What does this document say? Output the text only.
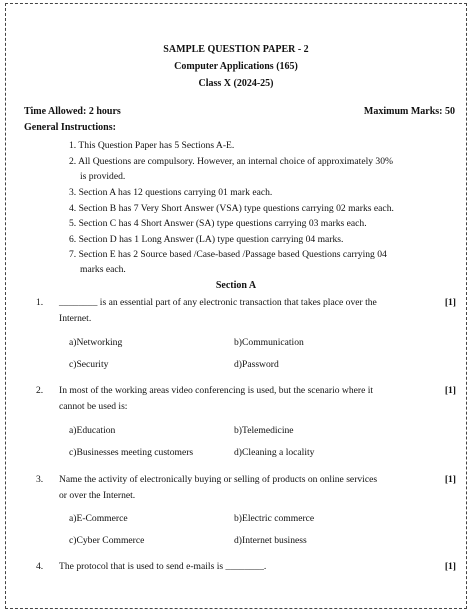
SAMPLE QUESTION PAPER - 2
Computer Applications (165)
Class X (2024-25)
Time Allowed: 2 hours	Maximum Marks: 50
General Instructions:
1. This Question Paper has 5 Sections A-E.
2. All Questions are compulsory. However, an internal choice of approximately 30%
is provided.
3. Section A has 12 questions carrying 01 mark each.
4. Section B has 7 Very Short Answer (VSA) type questions carrying 02 marks each.
5. Section C has 4 Short Answer (SA) type questions carrying 03 marks each.
6. Section D has 1 Long Answer (LA) type question carrying 04 marks.
7. Section E has 2 Source based /Case-based /Passage based Questions carrying 04
marks each.
Section A
1. ________ is an essential part of any electronic transaction that takes place over the
Internet.
[1]
a)Networking	b)Communication
c)Security	d)Password
2. In most of the working areas video conferencing is used, but the scenario where it
cannot be used is:
[1]
a)Education	b)Telemedicine
c)Businesses meeting customers	d)Cleaning a locality
3. Name the activity of electronically buying or selling of products on online services
or over the Internet.
[1]
a)E-Commerce	b)Electric commerce
c)Cyber Commerce	d)Internet business
4. The protocol that is used to send e-mails is ________.	[1]
